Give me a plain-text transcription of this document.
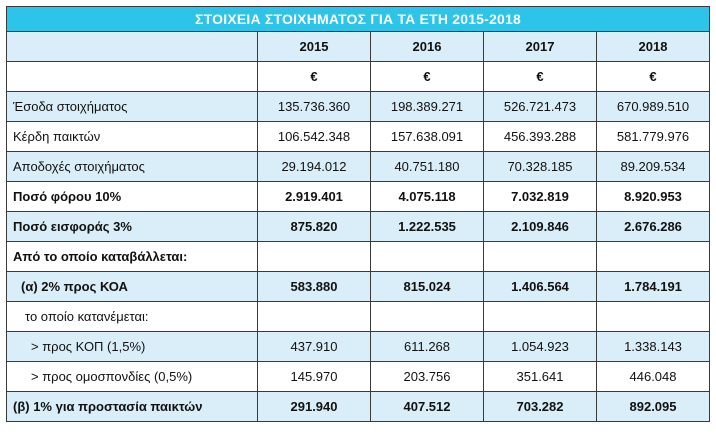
ΣΤΟΙΧΕΙΑ ΣΤΟΙΧΗΜΑΤΟΣ ΓΙΑ ΤΑ ΕΤΗ 2015-2018				
	2015	2016	2017	2018
	€	€	€	€
Έσοδα στοιχήματος	135.736.360	198.389.271	526.721.473	670.989.510
Κέρδη παικτών	106.542.348	157.638.091	456.393.288	581.779.976
Αποδοχές στοιχήματος	29.194.012	40.751.180	70.328.185	89.209.534
Ποσό φόρου 10%	2.919.401	4.075.118	7.032.819	8.920.953
Ποσό εισφοράς 3%	875.820	1.222.535	2.109.846	2.676.286
Από το οποίο καταβάλλεται:				
(α) 2% προς ΚΟΑ	583.880	815.024	1.406.564	1.784.191
το οποίο κατανέμεται:				
> προς ΚΟΠ (1,5%)	437.910	611.268	1.054.923	1.338.143
> προς ομοσπονδίες (0,5%)	145.970	203.756	351.641	446.048
(β) 1% για προστασία παικτών	291.940	407.512	703.282	892.095
